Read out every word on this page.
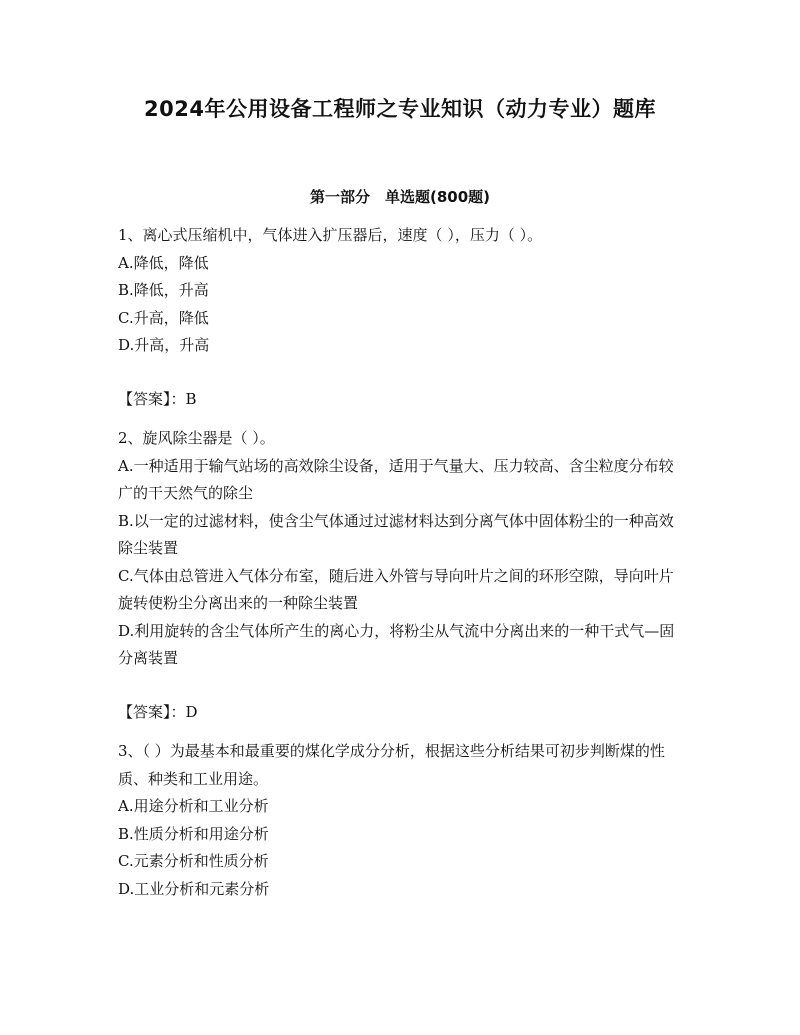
2024年公用设备工程师之专业知识（动力专业）题库
第一部分　单选题(800题)

1、离心式压缩机中，气体进入扩压器后，速度（ ），压力（ ）。

A.降低，降低

B.降低，升高

C.升高，降低

D.升高，升高

【答案】：B

2、旋风除尘器是（ ）。

A.一种适用于输气站场的高效除尘设备，适用于气量大、压力较高、含尘粒度分布较广的干天然气的除尘

B.以一定的过滤材料，使含尘气体通过过滤材料达到分离气体中固体粉尘的一种高效除尘装置

C.气体由总管进入气体分布室，随后进入外管与导向叶片之间的环形空隙，导向叶片旋转使粉尘分离出来的一种除尘装置

D.利用旋转的含尘气体所产生的离心力，将粉尘从气流中分离出来的一种干式气—固分离装置

【答案】：D

3、（ ）为最基本和最重要的煤化学成分分析，根据这些分析结果可初步判断煤的性质、种类和工业用途。

A.用途分析和工业分析

B.性质分析和用途分析

C.元素分析和性质分析

D.工业分析和元素分析
